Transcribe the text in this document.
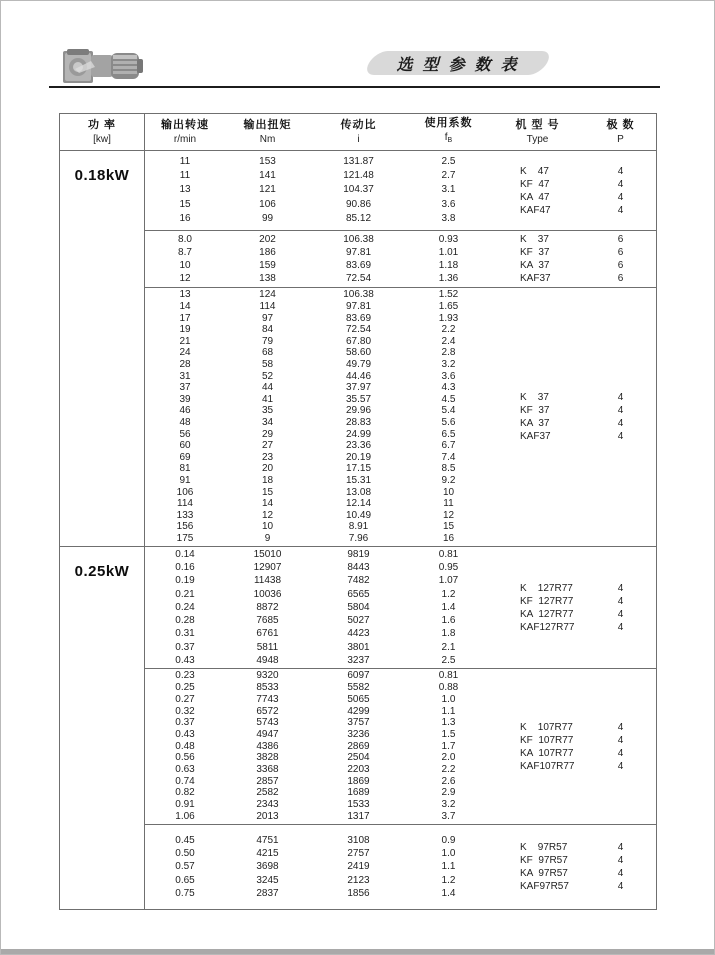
选 型 参 数 表
功 率
[kw]
输出转速
r/min
输出扭矩
Nm
传动比
i
使用系数
$f_B$
机 型 号
Type
极 数
P
0.18kW
11
11
13
15
16
153
141
121
106
99
131.87
121.48
104.37
90.86
85.12
2.5
2.7
3.1
3.6
3.8
K    47
KF  47
KA  47
KAF47
4
4
4
4
8.0
8.7
10
12
202
186
159
138
106.38
97.81
83.69
72.54
0.93
1.01
1.18
1.36
K    37
KF  37
KA  37
KAF37
6
6
6
6
13
14
17
19
21
24
28
31
37
39
46
48
56
60
69
81
91
106
114
133
156
175
124
114
97
84
79
68
58
52
44
41
35
34
29
27
23
20
18
15
14
12
10
9
106.38
97.81
83.69
72.54
67.80
58.60
49.79
44.46
37.97
35.57
29.96
28.83
24.99
23.36
20.19
17.15
15.31
13.08
12.14
10.49
8.91
7.96
1.52
1.65
1.93
2.2
2.4
2.8
3.2
3.6
4.3
4.5
5.4
5.6
6.5
6.7
7.4
8.5
9.2
10
11
12
15
16
K    37
KF  37
KA  37
KAF37
4
4
4
4
0.25kW
0.14
0.16
0.19
0.21
0.24
0.28
0.31
0.37
0.43
15010
12907
11438
10036
8872
7685
6761
5811
4948
9819
8443
7482
6565
5804
5027
4423
3801
3237
0.81
0.95
1.07
1.2
1.4
1.6
1.8
2.1
2.5
K    127R77
KF  127R77
KA  127R77
KAF127R77
4
4
4
4
0.23
0.25
0.27
0.32
0.37
0.43
0.48
0.56
0.63
0.74
0.82
0.91
1.06
9320
8533
7743
6572
5743
4947
4386
3828
3368
2857
2582
2343
2013
6097
5582
5065
4299
3757
3236
2869
2504
2203
1869
1689
1533
1317
0.81
0.88
1.0
1.1
1.3
1.5
1.7
2.0
2.2
2.6
2.9
3.2
3.7
K    107R77
KF  107R77
KA  107R77
KAF107R77
4
4
4
4
0.45
0.50
0.57
0.65
0.75
4751
4215
3698
3245
2837
3108
2757
2419
2123
1856
0.9
1.0
1.1
1.2
1.4
K    97R57
KF  97R57
KA  97R57
KAF97R57
4
4
4
4
